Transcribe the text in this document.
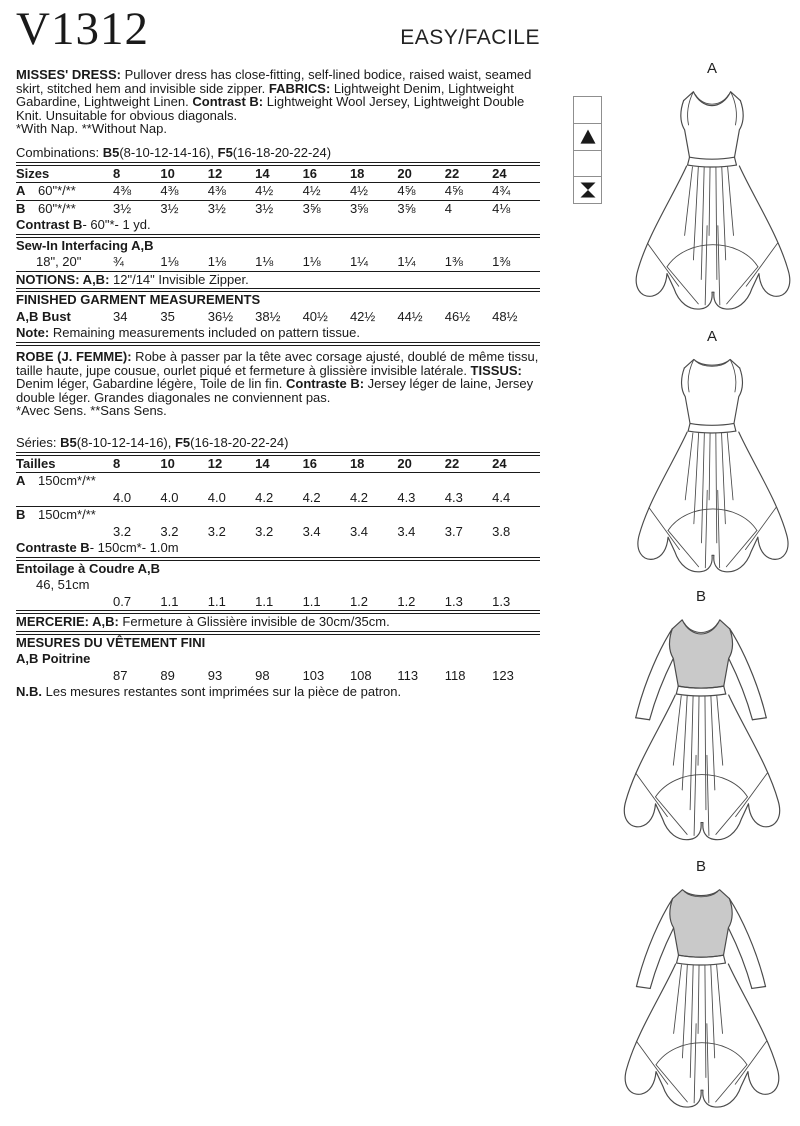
V1312	EASY/FACILE

MISSES' DRESS: Pullover dress has close-fitting, self-lined bodice, raised waist, seamed skirt, stitched hem and invisible side zipper. FABRICS: Lightweight Denim, Lightweight Gabardine, Lightweight Linen. Contrast B: Lightweight Wool Jersey, Lightweight Double Knit. Unsuitable for obvious diagonals.

*With Nap. **Without Nap.
Combinations: B5(8-10-12-14-16), F5(16-18-20-22-24)
Sizes	8	10	12	14	16	18	20	22	24
A 60"*/**	4⅜	4⅜	4⅜	4½	4½	4½	4⅝	4⅝	4¾
B 60"*/**	3½	3½	3½	3½	3⅝	3⅝	3⅝	4	4⅛
Contrast B- 60"*- 1 yd.
Sew-In Interfacing A,B
18", 20"	¾	1⅛	1⅛	1⅛	1⅛	1¼	1¼	1⅜	1⅜
NOTIONS: A,B: 12"/14" Invisible Zipper.
FINISHED GARMENT MEASUREMENTS
A,B Bust	34	35	36½	38½	40½	42½	44½	46½	48½
Note: Remaining measurements included on pattern tissue.

ROBE (J. FEMME): Robe à passer par la tête avec corsage ajusté, doublé de même tissu, taille haute, jupe cousue, ourlet piqué et fermeture à glissière invisible latérale. TISSUS: Denim léger, Gabardine légère, Toile de lin fin. Contraste B: Jersey léger de laine, Jersey double léger. Grandes diagonales ne conviennent pas.

*Avec Sens. **Sans Sens.
Séries: B5(8-10-12-14-16), F5(16-18-20-22-24)
Tailles	8	10	12	14	16	18	20	22	24
A 150cm*/**
4.0	4.0	4.0	4.2	4.2	4.2	4.3	4.3	4.4
B 150cm*/**
3.2	3.2	3.2	3.2	3.4	3.4	3.4	3.7	3.8
Contraste B- 150cm*- 1.0m
Entoilage à Coudre A,B
46, 51cm
0.7	1.1	1.1	1.1	1.1	1.2	1.2	1.3	1.3
MERCERIE: A,B: Fermeture à Glissière invisible de 30cm/35cm.
MESURES DU VÊTEMENT FINI
A,B Poitrine
87	89	93	98	103	108	113	118	123
N.B. Les mesures restantes sont imprimées sur la pièce de patron.
A
A
B
B
